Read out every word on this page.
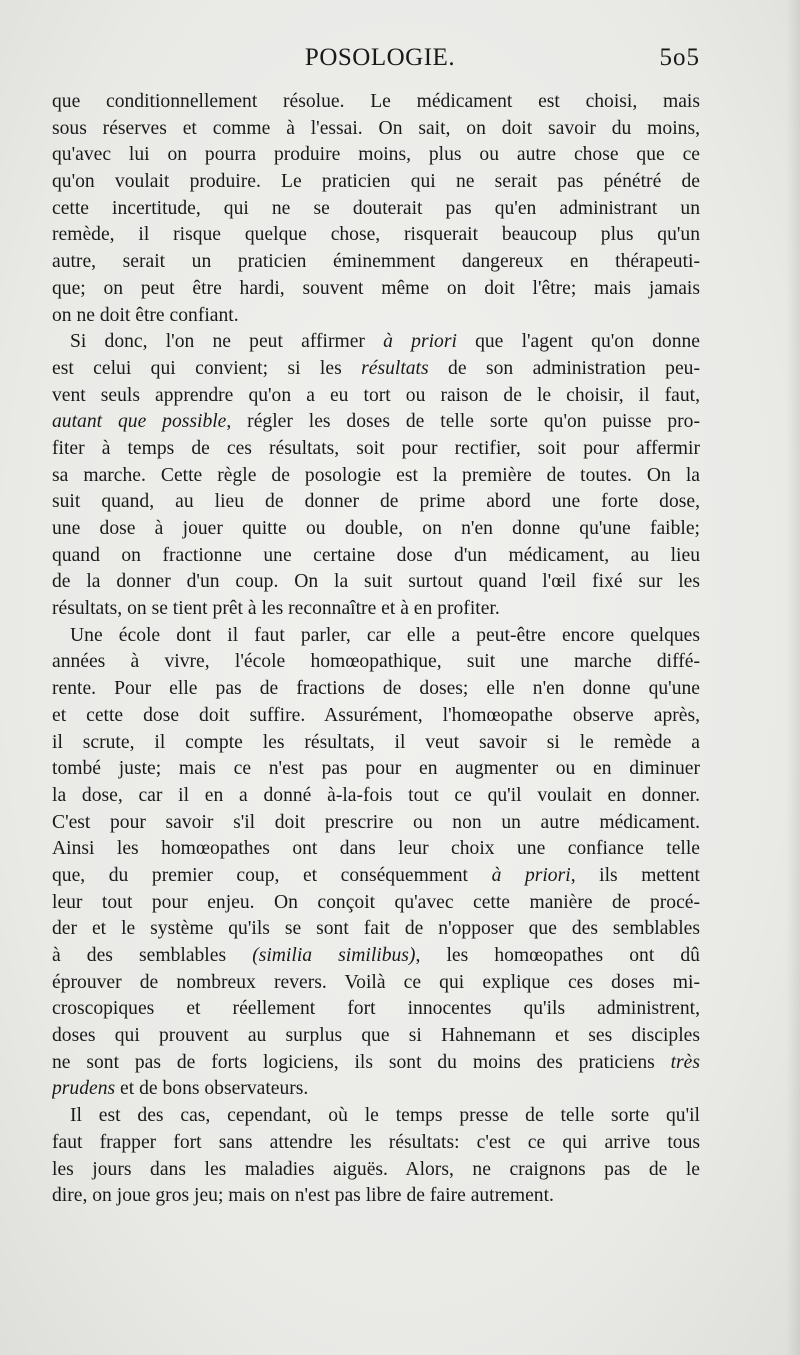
POSOLOGIE.	5o5
que conditionnellement résolue. Le médicament est choisi, mais
sous réserves et comme à l'essai. On sait, on doit savoir du moins,
qu'avec lui on pourra produire moins, plus ou autre chose que ce
qu'on voulait produire. Le praticien qui ne serait pas pénétré de
cette incertitude, qui ne se douterait pas qu'en administrant un
remède, il risque quelque chose, risquerait beaucoup plus qu'un
autre, serait un praticien éminemment dangereux en thérapeuti-
que; on peut être hardi, souvent même on doit l'être; mais jamais
on ne doit être confiant.
Si donc, l'on ne peut affirmer à priori que l'agent qu'on donne
est celui qui convient; si les résultats de son administration peu-
vent seuls apprendre qu'on a eu tort ou raison de le choisir, il faut,
autant que possible, régler les doses de telle sorte qu'on puisse pro-
fiter à temps de ces résultats, soit pour rectifier, soit pour affermir
sa marche. Cette règle de posologie est la première de toutes. On la
suit quand, au lieu de donner de prime abord une forte dose,
une dose à jouer quitte ou double, on n'en donne qu'une faible;
quand on fractionne une certaine dose d'un médicament, au lieu
de la donner d'un coup. On la suit surtout quand l'œil fixé sur les
résultats, on se tient prêt à les reconnaître et à en profiter.
Une école dont il faut parler, car elle a peut-être encore quelques
années à vivre, l'école homœopathique, suit une marche diffé-
rente. Pour elle pas de fractions de doses; elle n'en donne qu'une
et cette dose doit suffire. Assurément, l'homœopathe observe après,
il scrute, il compte les résultats, il veut savoir si le remède a
tombé juste; mais ce n'est pas pour en augmenter ou en diminuer
la dose, car il en a donné à-la-fois tout ce qu'il voulait en donner.
C'est pour savoir s'il doit prescrire ou non un autre médicament.
Ainsi les homœopathes ont dans leur choix une confiance telle
que, du premier coup, et conséquemment à priori, ils mettent
leur tout pour enjeu. On conçoit qu'avec cette manière de procé-
der et le système qu'ils se sont fait de n'opposer que des semblables
à des semblables (similia similibus), les homœopathes ont dû
éprouver de nombreux revers. Voilà ce qui explique ces doses mi-
croscopiques et réellement fort innocentes qu'ils administrent,
doses qui prouvent au surplus que si Hahnemann et ses disciples
ne sont pas de forts logiciens, ils sont du moins des praticiens très
prudens et de bons observateurs.
Il est des cas, cependant, où le temps presse de telle sorte qu'il
faut frapper fort sans attendre les résultats: c'est ce qui arrive tous
les jours dans les maladies aiguës. Alors, ne craignons pas de le
dire, on joue gros jeu; mais on n'est pas libre de faire autrement.
